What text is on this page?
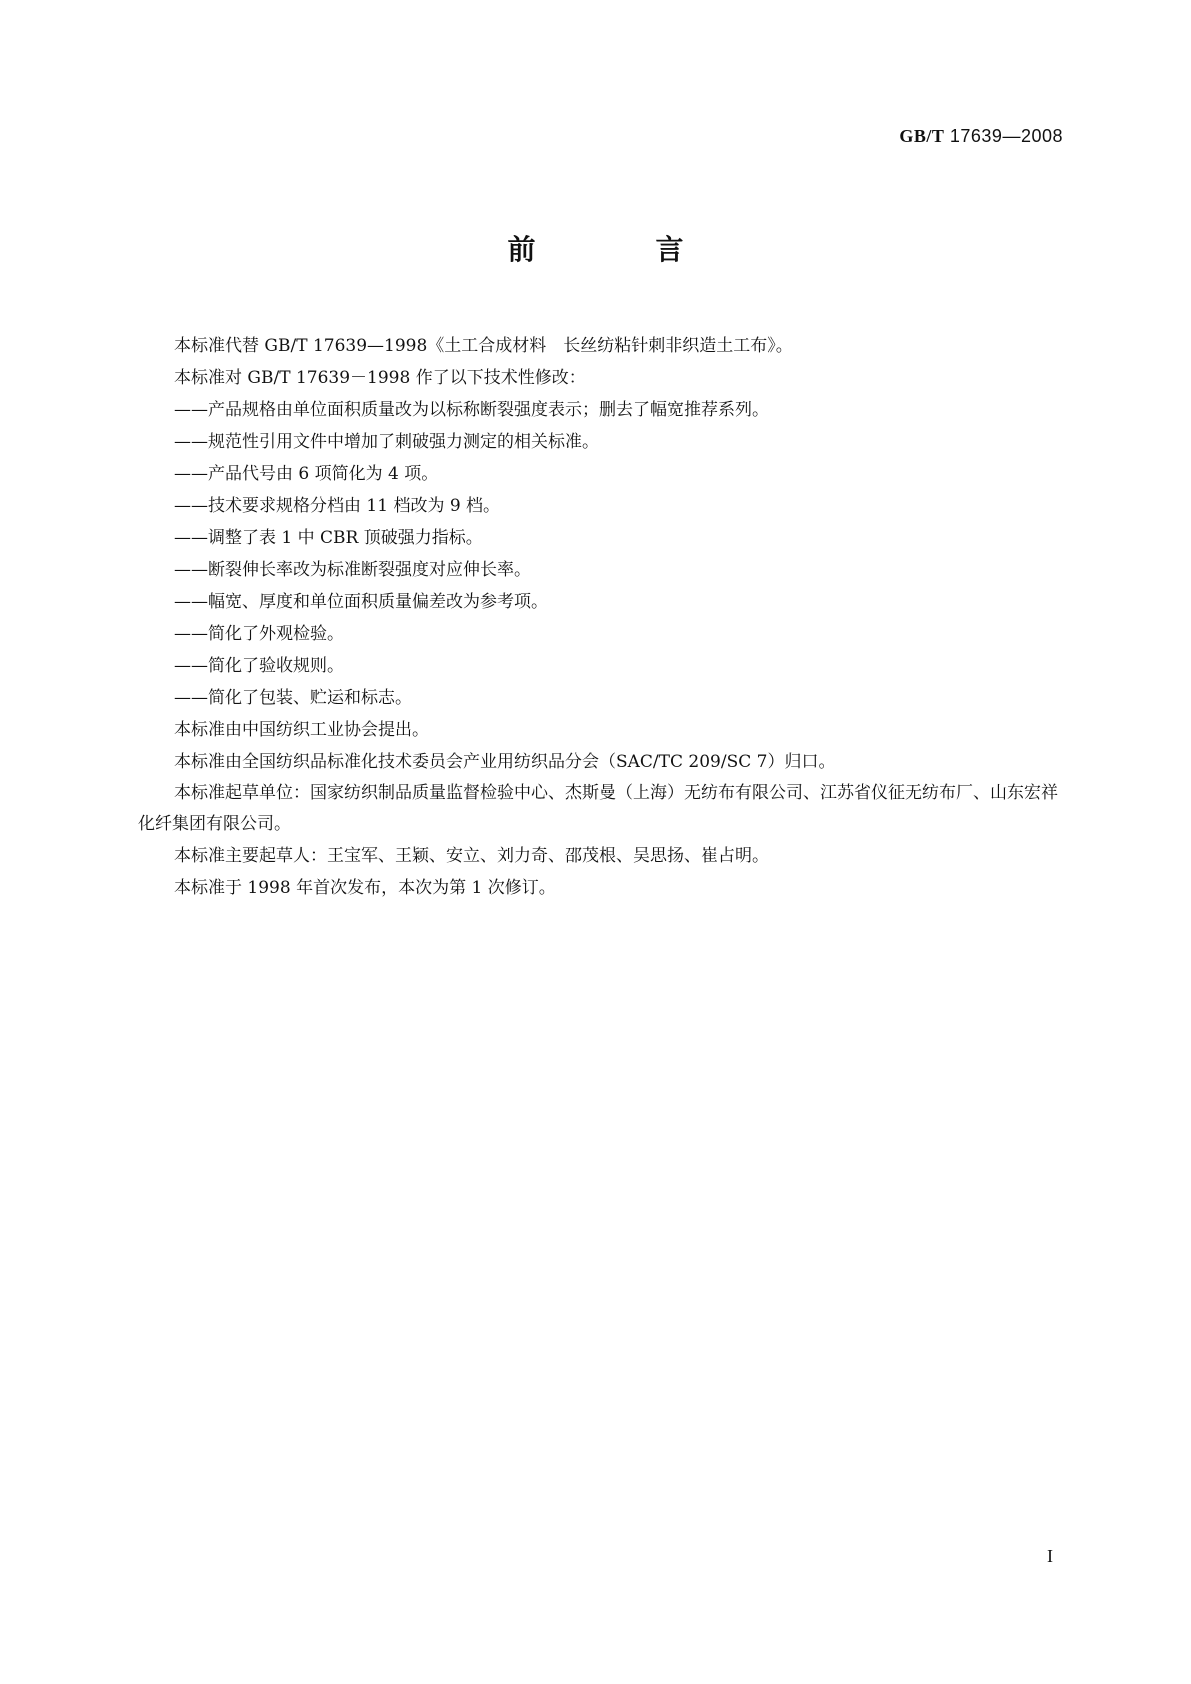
GB/T 17639—2008
前　言

本标准代替 GB/T 17639—1998《土工合成材料　长丝纺粘针刺非织造土工布》。

本标准对 GB/T 17639－1998 作了以下技术性修改：

——产品规格由单位面积质量改为以标称断裂强度表示；删去了幅宽推荐系列。

——规范性引用文件中增加了刺破强力测定的相关标准。

——产品代号由 6 项简化为 4 项。

——技术要求规格分档由 11 档改为 9 档。

——调整了表 1 中 CBR 顶破强力指标。

——断裂伸长率改为标准断裂强度对应伸长率。

——幅宽、厚度和单位面积质量偏差改为参考项。

——简化了外观检验。

——简化了验收规则。

——简化了包装、贮运和标志。

本标准由中国纺织工业协会提出。

本标准由全国纺织品标准化技术委员会产业用纺织品分会（SAC/TC 209/SC 7）归口。

本标准起草单位：国家纺织制品质量监督检验中心、杰斯曼（上海）无纺布有限公司、江苏省仪征无纺布厂、山东宏祥化纤集团有限公司。

本标准主要起草人：王宝军、王颖、安立、刘力奇、邵茂根、吴思扬、崔占明。

本标准于 1998 年首次发布，本次为第 1 次修订。

I
